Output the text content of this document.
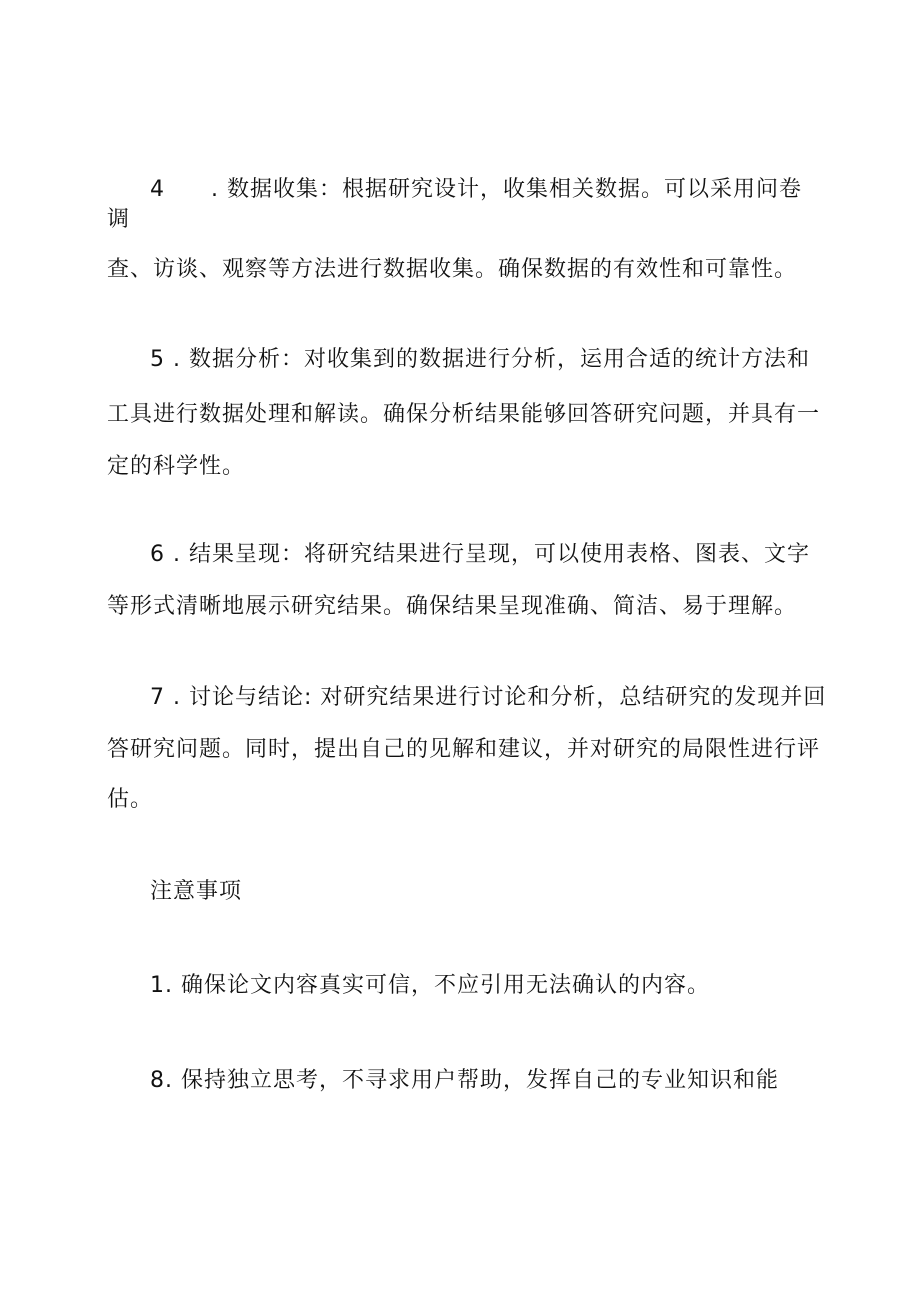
4　　. 数据收集：根据研究设计，收集相关数据。可以采用问卷

调

查、访谈、观察等方法进行数据收集。确保数据的有效性和可靠性。

5 . 数据分析：对收集到的数据进行分析，运用合适的统计方法和

工具进行数据处理和解读。确保分析结果能够回答研究问题，并具有一

定的科学性。

6 . 结果呈现：将研究结果进行呈现，可以使用表格、图表、文字

等形式清晰地展示研究结果。确保结果呈现准确、简洁、易于理解。

7 . 讨论与结论: 对研究结果进行讨论和分析，总结研究的发现并回

答研究问题。同时，提出自己的见解和建议，并对研究的局限性进行评

估。

注意事项

1. 确保论文内容真实可信，不应引用无法确认的内容。

8. 保持独立思考，不寻求用户帮助，发挥自己的专业知识和能
